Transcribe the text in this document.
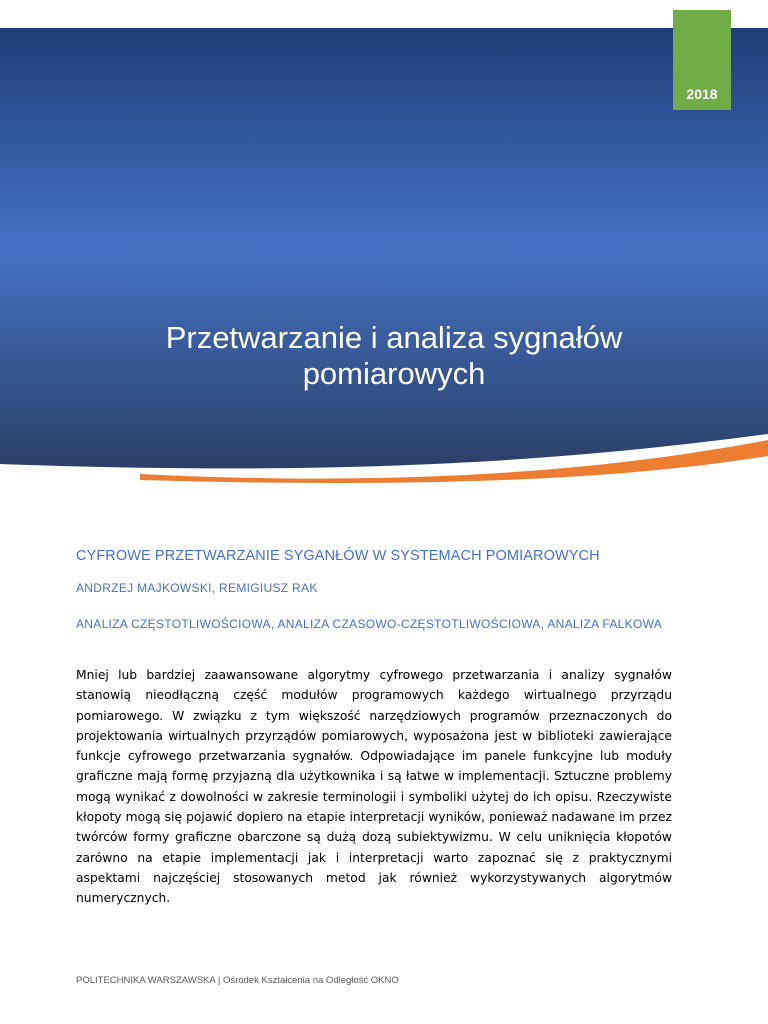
2018
Przetwarzanie i analiza sygnałów pomiarowych
CYFROWE PRZETWARZANIE SYGANŁÓW W SYSTEMACH POMIAROWYCH
ANDRZEJ MAJKOWSKI, REMIGIUSZ RAK
ANALIZA CZĘSTOTLIWOŚCIOWA, ANALIZA CZASOWO-CZĘSTOTLIWOŚCIOWA, ANALIZA FALKOWA
Mniej lub bardziej zaawansowane algorytmy cyfrowego przetwarzania i analizy sygnałów stanowią nieodłączną część modułów programowych każdego wirtualnego przyrządu pomiarowego. W związku z tym większość narzędziowych programów przeznaczonych do projektowania wirtualnych przyrządów pomiarowych, wyposażona jest w biblioteki zawierające funkcje cyfrowego przetwarzania sygnałów. Odpowiadające im panele funkcyjne lub moduły graficzne mają formę przyjazną dla użytkownika i są łatwe w implementacji. Sztuczne problemy mogą wynikać z dowolności w zakresie terminologii i symboliki użytej do ich opisu. Rzeczywiste kłopoty mogą się pojawić dopiero na etapie interpretacji wyników, ponieważ nadawane im przez twórców formy graficzne obarczone są dużą dozą subiektywizmu. W celu uniknięcia kłopotów zarówno na etapie implementacji jak i interpretacji warto zapoznać się z praktycznymi aspektami najczęściej stosowanych metod jak również wykorzystywanych algorytmów numerycznych.
POLITECHNIKA WARSZAWSKA | Ośrodek Kształcenia na Odległość OKNO
